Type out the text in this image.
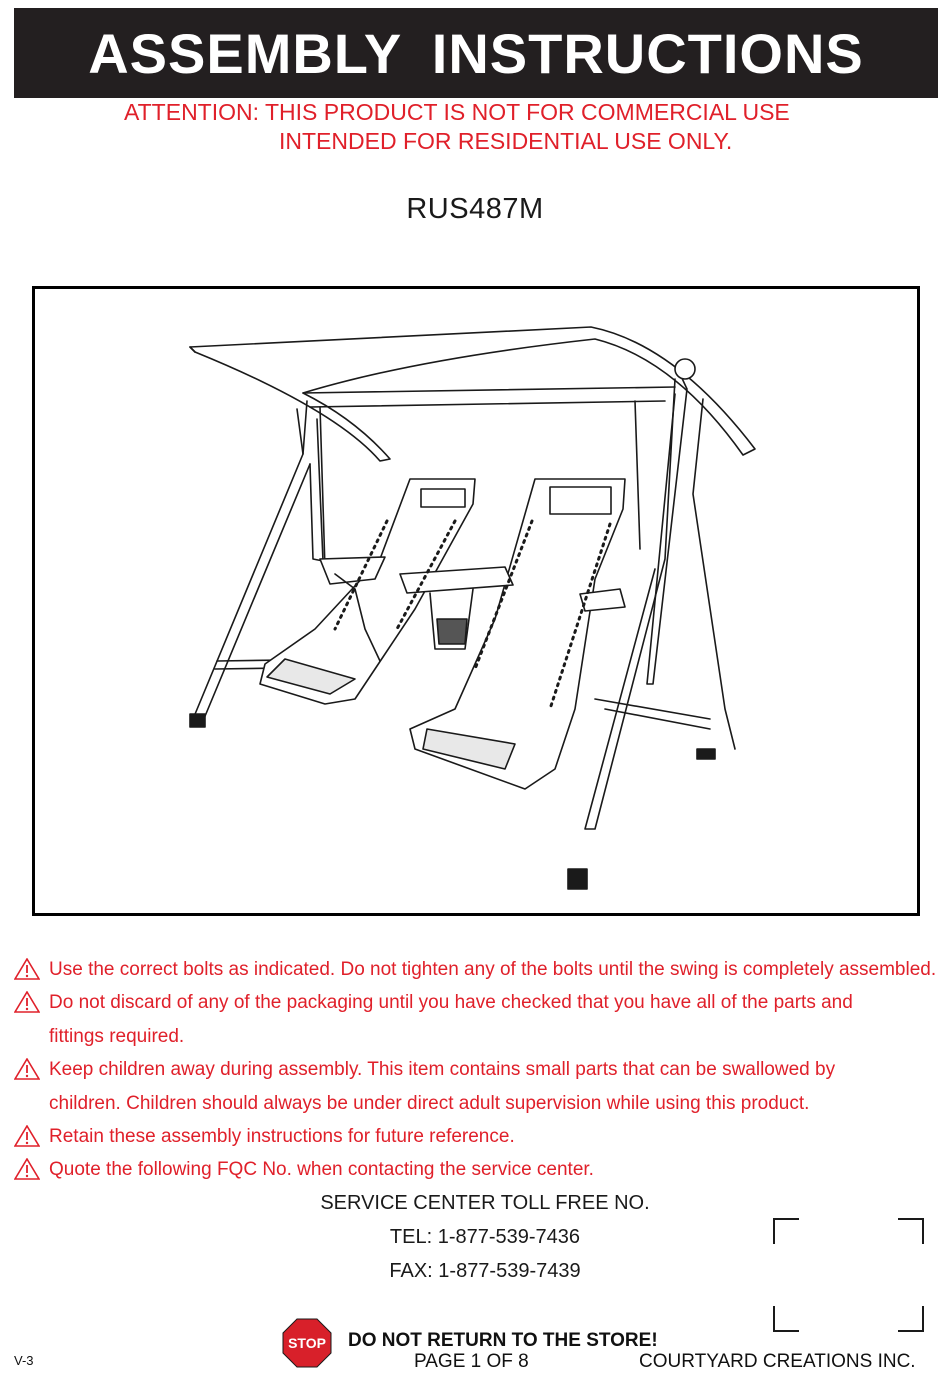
ASSEMBLY INSTRUCTIONS
ATTENTION: THIS PRODUCT IS NOT FOR COMMERCIAL USE
INTENDED FOR RESIDENTIAL USE ONLY.
RUS487M
Use the correct bolts as indicated. Do not tighten any of the bolts until the swing is completely assembled.
Do not discard of any of the packaging until you have checked that you have all of the parts and
fittings required.
Keep children away during assembly. This item contains small parts that can be swallowed by
children. Children should always be under direct adult supervision while using this product.
Retain these assembly instructions for future reference.
Quote the following FQC No. when contacting the service center.
SERVICE CENTER TOLL FREE NO.
TEL: 1-877-539-7436
FAX: 1-877-539-7439
STOP DO NOT RETURN TO THE STORE!
PAGE 1 OF 8	COURTYARD CREATIONS INC.
V-3
